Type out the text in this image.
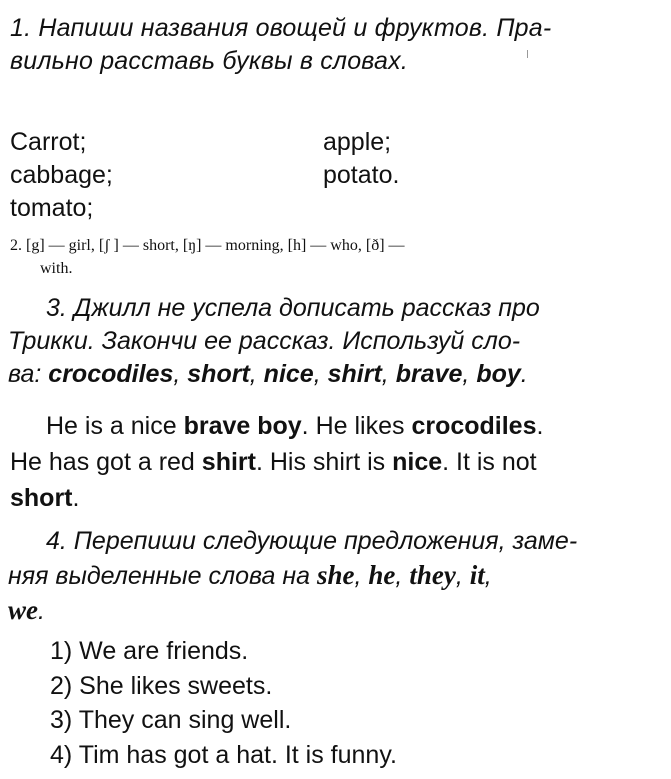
1. Напиши названия овощей и фруктов. Пра-
вильно расставь буквы в словах.
Carrot;	apple;
cabbage;	potato.
tomato;
2. [g] — girl, [ʃ ] — short, [ŋ] — morning, [h] — who, [ð] —
with.
3. Джилл не успела дописать рассказ про
Трикки. Закончи ее рассказ. Используй сло-
ва: crocodiles, short, nice, shirt, brave, boy.
He is a nice brave boy. He likes crocodiles.
He has got a red shirt. His shirt is nice. It is not
short.
4. Перепиши следующие предложения, заме-
няя выделенные слова на she, he, they, it,
we.
1) We are friends.
2) She likes sweets.
3) They can sing well.
4) Tim has got a hat. It is funny.
